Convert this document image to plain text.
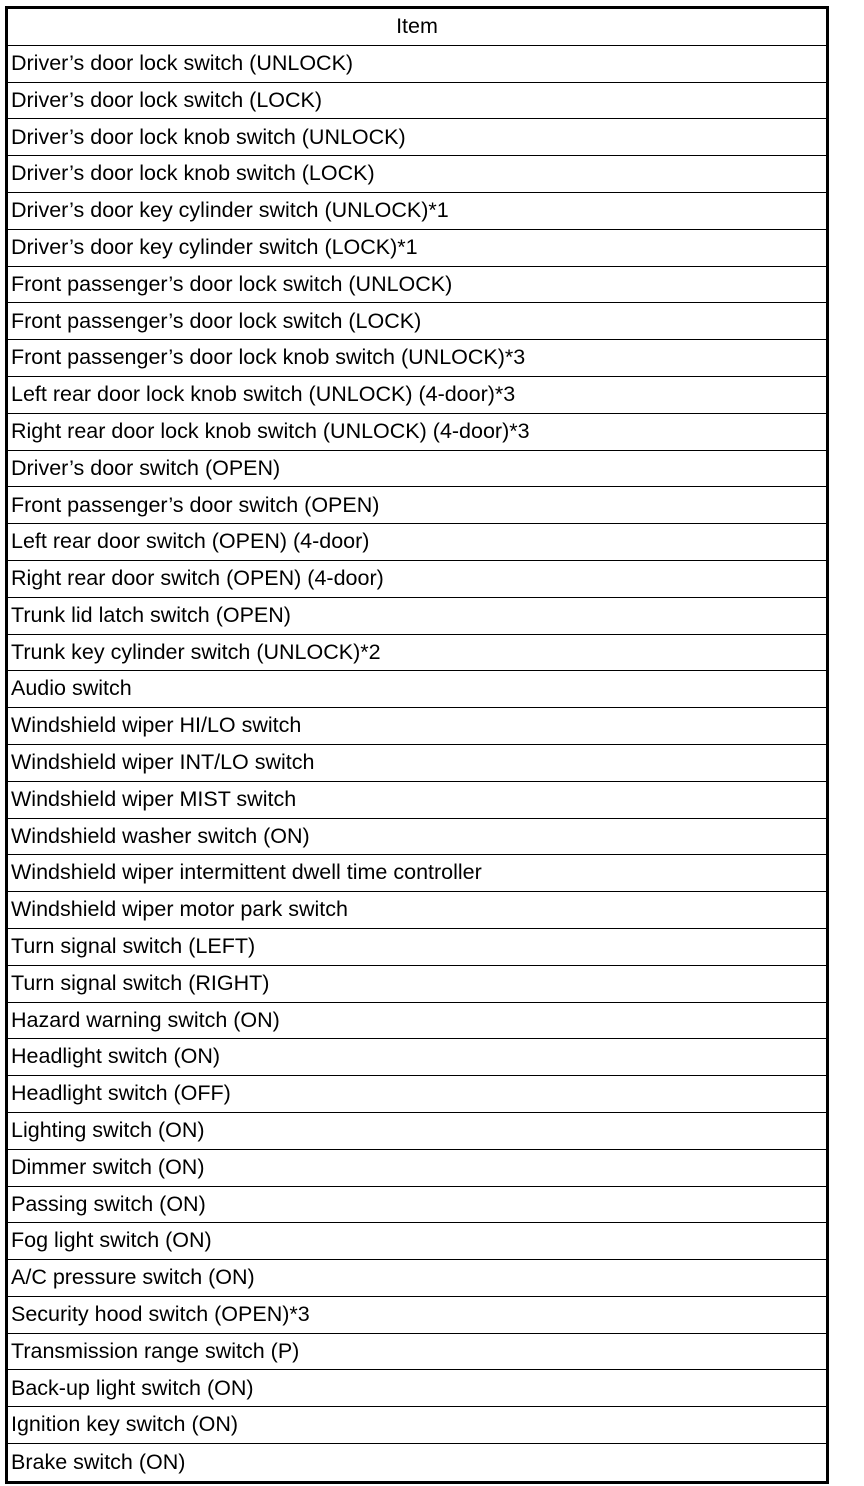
Item
Driver’s door lock switch (UNLOCK)
Driver’s door lock switch (LOCK)
Driver’s door lock knob switch (UNLOCK)
Driver’s door lock knob switch (LOCK)
Driver’s door key cylinder switch (UNLOCK)*1
Driver’s door key cylinder switch (LOCK)*1
Front passenger’s door lock switch (UNLOCK)
Front passenger’s door lock switch (LOCK)
Front passenger’s door lock knob switch (UNLOCK)*3
Left rear door lock knob switch (UNLOCK) (4-door)*3
Right rear door lock knob switch (UNLOCK) (4-door)*3
Driver’s door switch (OPEN)
Front passenger’s door switch (OPEN)
Left rear door switch (OPEN) (4-door)
Right rear door switch (OPEN) (4-door)
Trunk lid latch switch (OPEN)
Trunk key cylinder switch (UNLOCK)*2
Audio switch
Windshield wiper HI/LO switch
Windshield wiper INT/LO switch
Windshield wiper MIST switch
Windshield washer switch (ON)
Windshield wiper intermittent dwell time controller
Windshield wiper motor park switch
Turn signal switch (LEFT)
Turn signal switch (RIGHT)
Hazard warning switch (ON)
Headlight switch (ON)
Headlight switch (OFF)
Lighting switch (ON)
Dimmer switch (ON)
Passing switch (ON)
Fog light switch (ON)
A/C pressure switch (ON)
Security hood switch (OPEN)*3
Transmission range switch (P)
Back-up light switch (ON)
Ignition key switch (ON)
Brake switch (ON)
